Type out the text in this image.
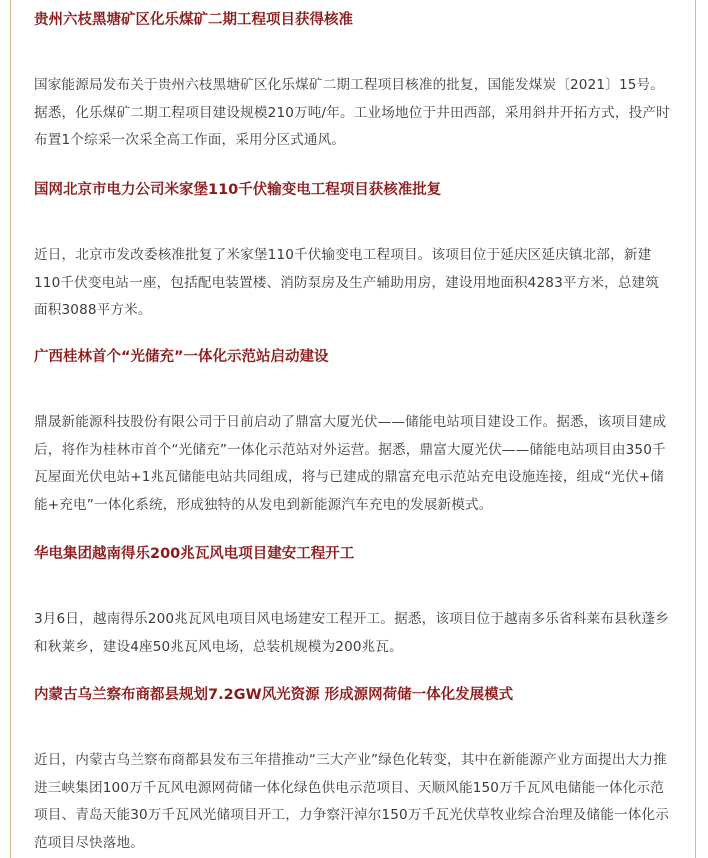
贵州六枝黑塘矿区化乐煤矿二期工程项目获得核准

国家能源局发布关于贵州六枝黑塘矿区化乐煤矿二期工程项目核准的批复，国能发煤炭〔2021〕15号。据悉，化乐煤矿二期工程项目建设规模210万吨/年。工业场地位于井田西部，采用斜井开拓方式，投产时布置1个综采一次采全高工作面，采用分区式通风。

国网北京市电力公司米家堡110千伏输变电工程项目获核准批复

近日，北京市发改委核准批复了米家堡110千伏输变电工程项目。该项目位于延庆区延庆镇北部，新建110千伏变电站一座，包括配电装置楼、消防泵房及生产辅助用房，建设用地面积4283平方米，总建筑面积3088平方米。

广西桂林首个“光储充”一体化示范站启动建设

鼎晟新能源科技股份有限公司于日前启动了鼎富大厦光伏——储能电站项目建设工作。据悉，该项目建成后，将作为桂林市首个“光储充”一体化示范站对外运营。据悉，鼎富大厦光伏——储能电站项目由350千瓦屋面光伏电站+1兆瓦储能电站共同组成，将与已建成的鼎富充电示范站充电设施连接，组成“光伏+储能+充电”一体化系统，形成独特的从发电到新能源汽车充电的发展新模式。

华电集团越南得乐200兆瓦风电项目建安工程开工

3月6日，越南得乐200兆瓦风电项目风电场建安工程开工。据悉，该项目位于越南多乐省科莱布县秋蓬乡和秋莱乡，建设4座50兆瓦风电场，总装机规模为200兆瓦。

内蒙古乌兰察布商都县规划7.2GW风光资源 形成源网荷储一体化发展模式

近日，内蒙古乌兰察布商都县发布三年措推动“三大产业”绿色化转变，其中在新能源产业方面提出大力推进三峡集团100万千瓦风电源网荷储一体化绿色供电示范项目、天顺风能150万千瓦风电储能一体化示范项目、青岛天能30万千瓦风光储项目开工，力争察汗淖尔150万千瓦光伏草牧业综合治理及储能一体化示范项目尽快落地。
